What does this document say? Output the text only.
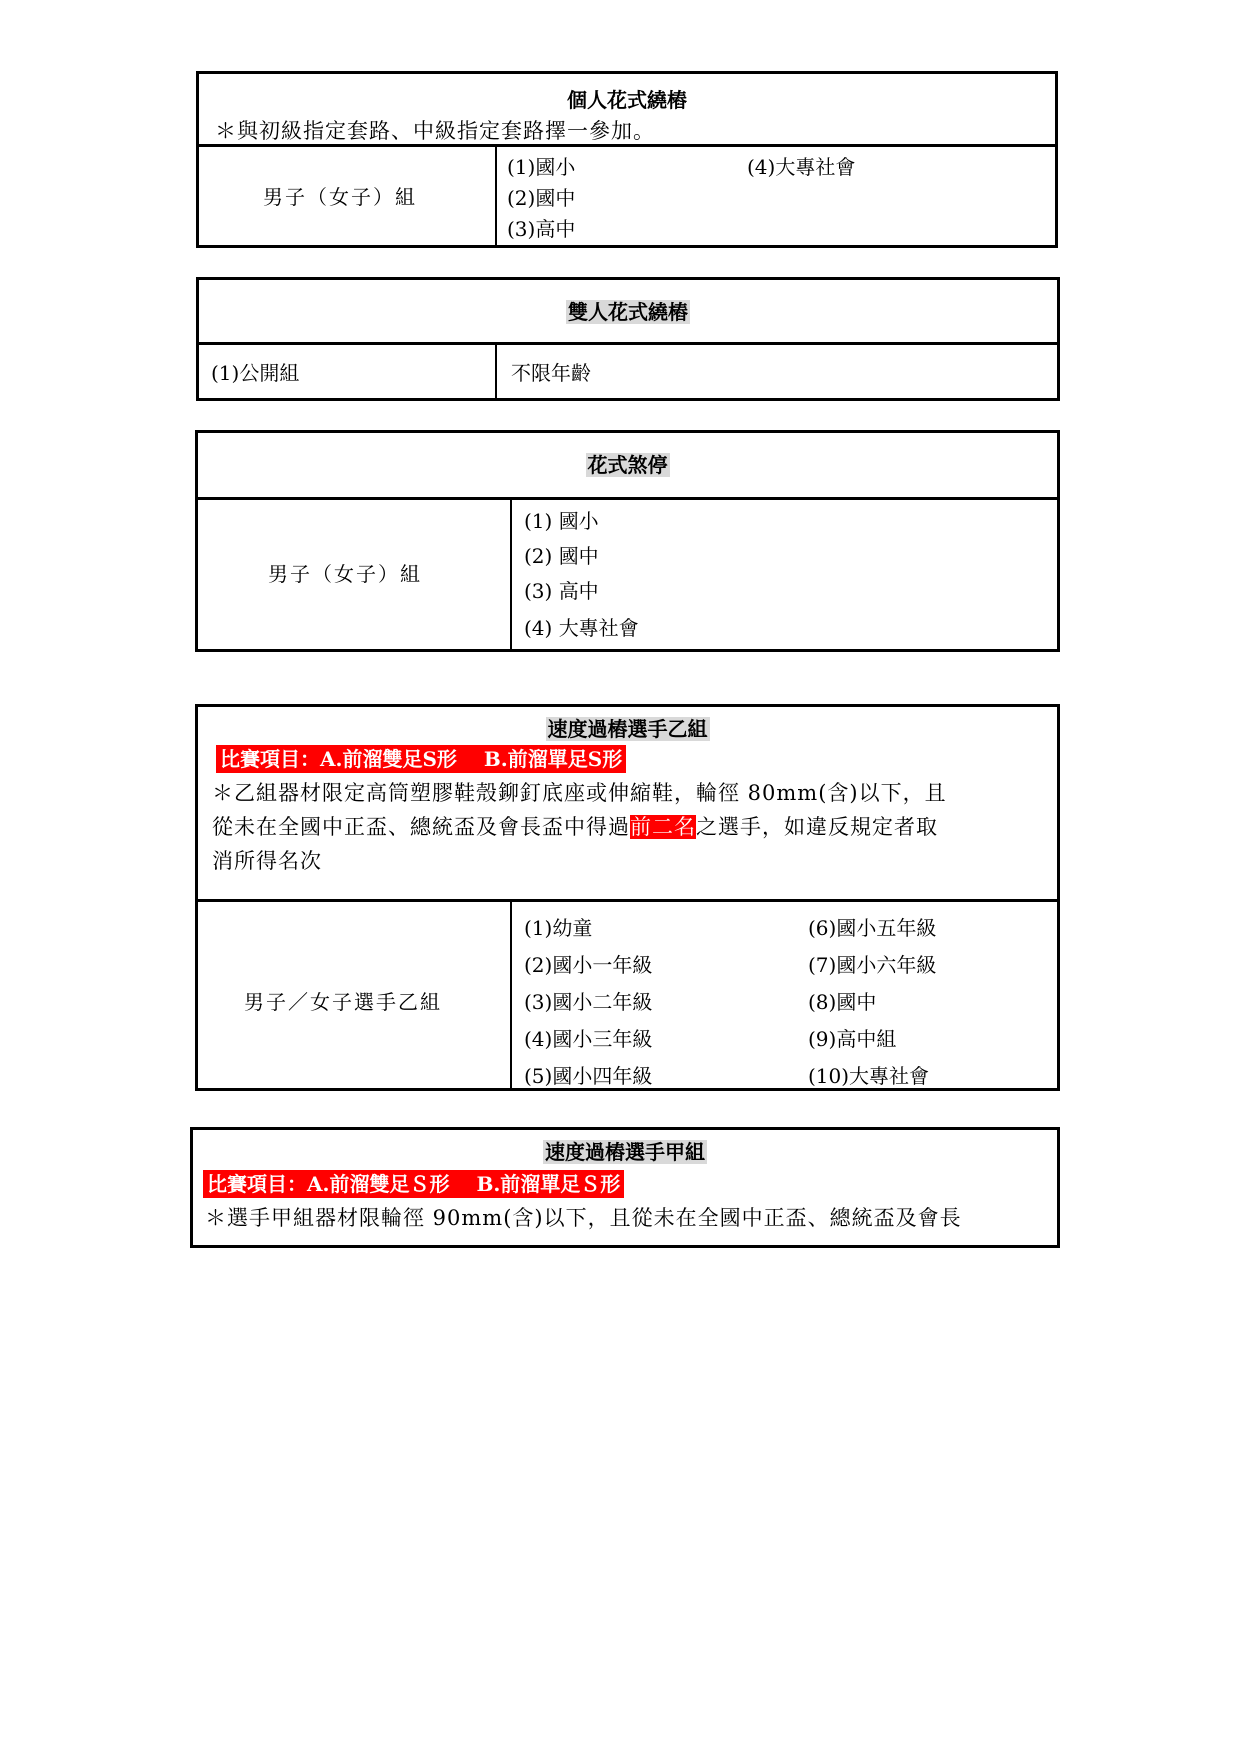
個人花式繞樁
＊與初級指定套路、中級指定套路擇一參加。
男子（女子）組
(1)國小
(2)國中
(3)高中
(4)大專社會
雙人花式繞樁
(1)公開組	不限年齡
花式煞停
男子（女子）組
(1) 國小
(2) 國中
(3) 高中
(4) 大專社會
速度過樁選手乙組
比賽項目：A.前溜雙足S形　 B.前溜單足S形
＊乙組器材限定高筒塑膠鞋殼鉚釘底座或伸縮鞋，輪徑 80mm(含)以下，且
從未在全國中正盃、總統盃及會長盃中得過前二名之選手，如違反規定者取
消所得名次
男子／女子選手乙組
(1)幼童
(2)國小一年級
(3)國小二年級
(4)國小三年級
(5)國小四年級
(6)國小五年級
(7)國小六年級
(8)國中
(9)高中組
(10)大專社會
速度過樁選手甲組
比賽項目：A.前溜雙足Ｓ形　 B.前溜單足Ｓ形
＊選手甲組器材限輪徑 90mm(含)以下，且從未在全國中正盃、總統盃及會長
